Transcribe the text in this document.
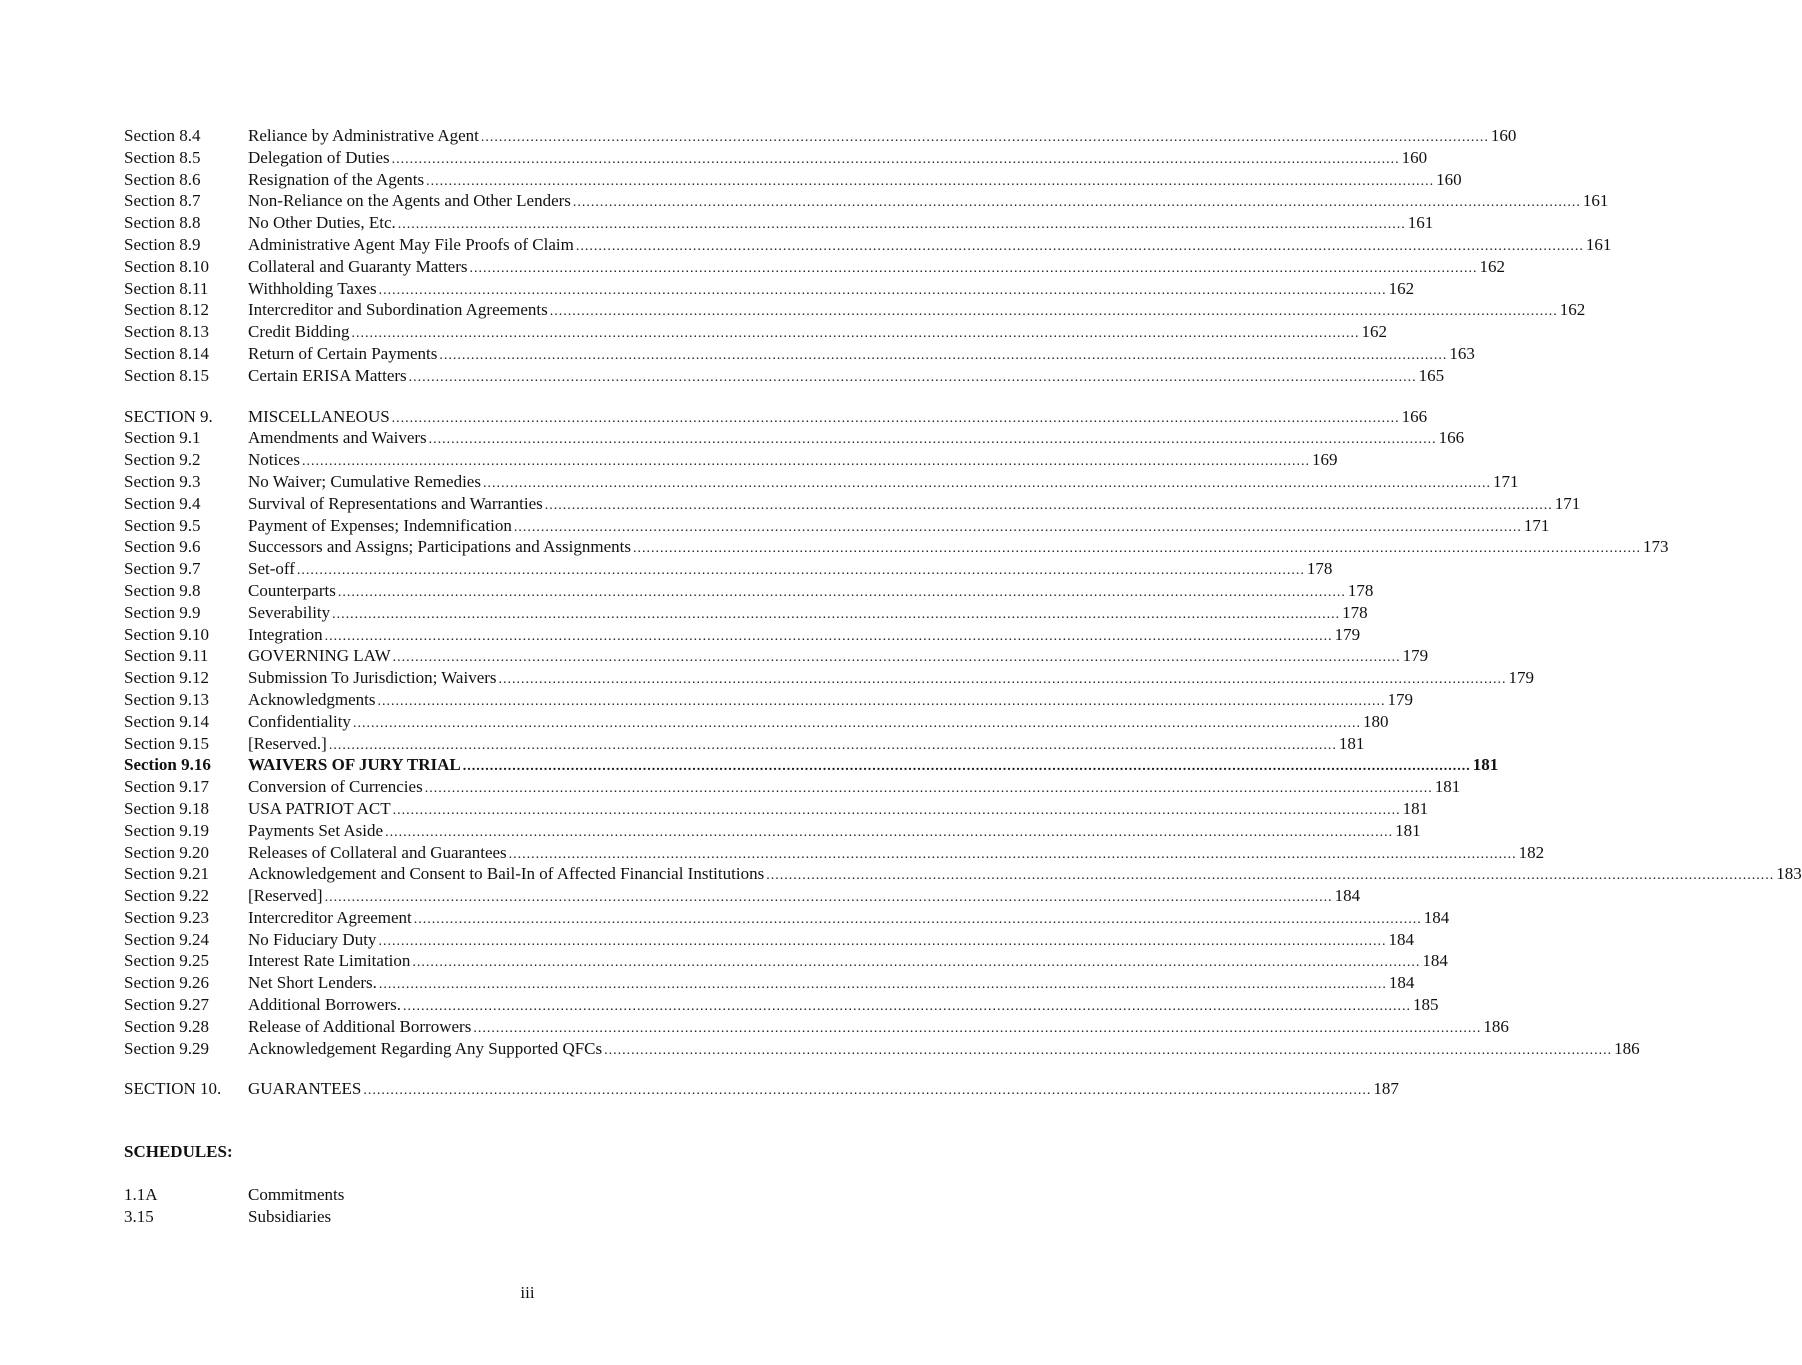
Section 8.4	Reliance by Administrative Agent .....	160
Section 8.5	Delegation of Duties .....	160
Section 8.6	Resignation of the Agents .....	160
Section 8.7	Non-Reliance on the Agents and Other Lenders .....	161
Section 8.8	No Other Duties, Etc. .....	161
Section 8.9	Administrative Agent May File Proofs of Claim .....	161
Section 8.10	Collateral and Guaranty Matters .....	162
Section 8.11	Withholding Taxes .....	162
Section 8.12	Intercreditor and Subordination Agreements .....	162
Section 8.13	Credit Bidding .....	162
Section 8.14	Return of Certain Payments .....	163
Section 8.15	Certain ERISA Matters .....	165
SECTION 9.	MISCELLANEOUS .....	166
Section 9.1	Amendments and Waivers .....	166
Section 9.2	Notices .....	169
Section 9.3	No Waiver; Cumulative Remedies .....	171
Section 9.4	Survival of Representations and Warranties .....	171
Section 9.5	Payment of Expenses; Indemnification .....	171
Section 9.6	Successors and Assigns; Participations and Assignments .....	173
Section 9.7	Set-off .....	178
Section 9.8	Counterparts .....	178
Section 9.9	Severability .....	178
Section 9.10	Integration .....	179
Section 9.11	GOVERNING LAW .....	179
Section 9.12	Submission To Jurisdiction; Waivers .....	179
Section 9.13	Acknowledgments .....	179
Section 9.14	Confidentiality .....	180
Section 9.15	[Reserved.] .....	181
Section 9.16	WAIVERS OF JURY TRIAL .....	181
Section 9.17	Conversion of Currencies .....	181
Section 9.18	USA PATRIOT ACT .....	181
Section 9.19	Payments Set Aside .....	181
Section 9.20	Releases of Collateral and Guarantees .....	182
Section 9.21	Acknowledgement and Consent to Bail-In of Affected Financial Institutions .....	183
Section 9.22	[Reserved] .....	184
Section 9.23	Intercreditor Agreement .....	184
Section 9.24	No Fiduciary Duty .....	184
Section 9.25	Interest Rate Limitation .....	184
Section 9.26	Net Short Lenders. .....	184
Section 9.27	Additional Borrowers. .....	185
Section 9.28	Release of Additional Borrowers .....	186
Section 9.29	Acknowledgement Regarding Any Supported QFCs .....	186
SECTION 10.	GUARANTEES .....	187
SCHEDULES:
1.1A	Commitments
3.15	Subsidiaries
iii
